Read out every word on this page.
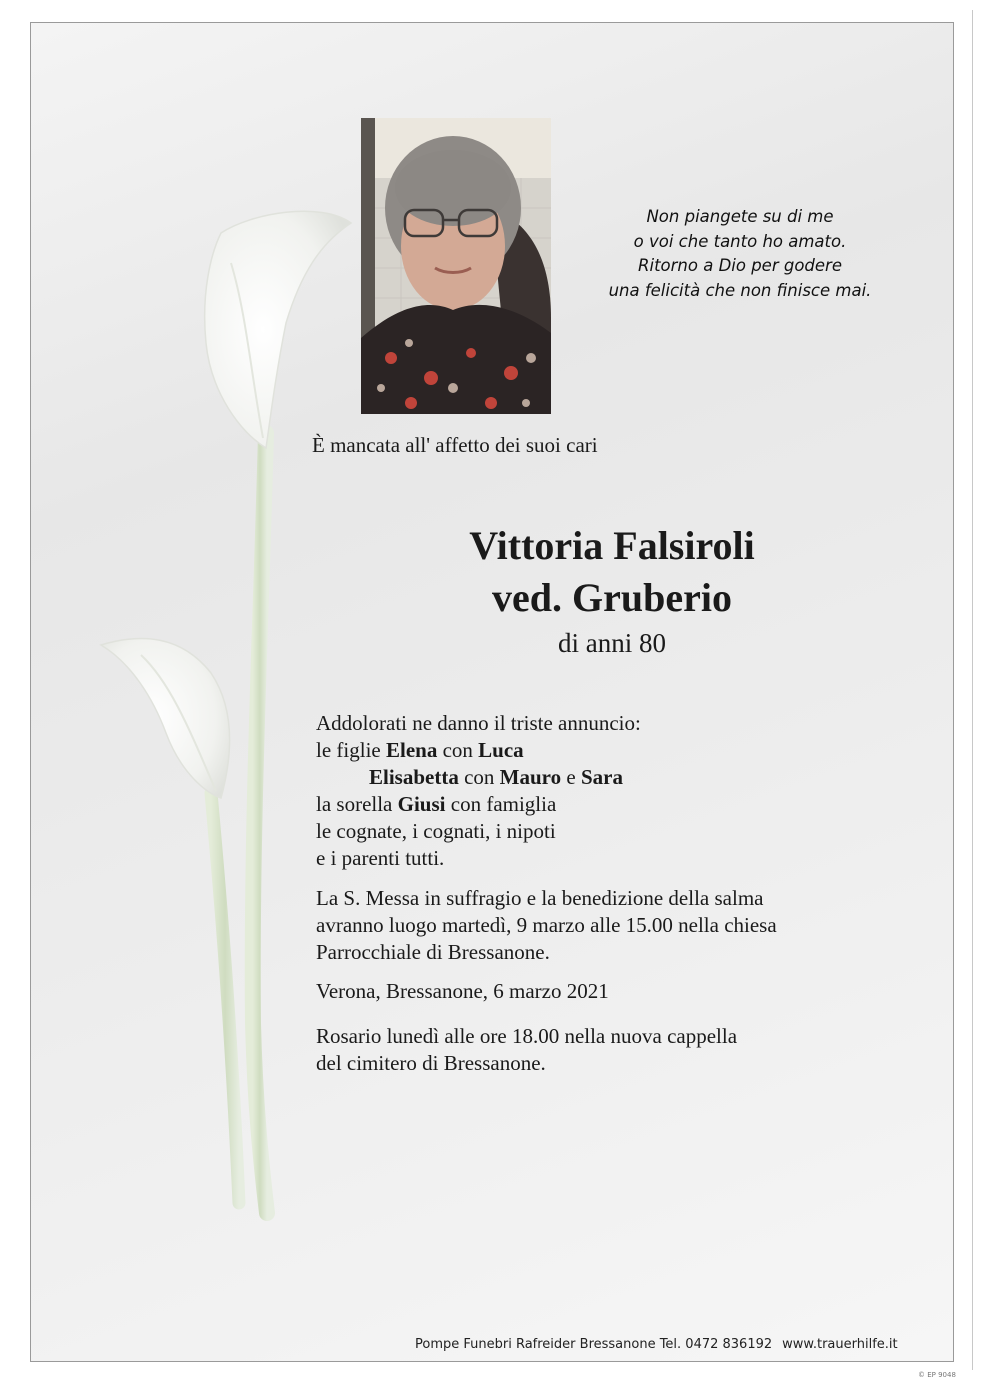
Non piangete su di me
o voi che tanto ho amato.
Ritorno a Dio per godere
una felicità che non finisce mai.
È mancata all' affetto dei suoi cari
Vittoria Falsiroli
ved. Gruberio
di anni 80
Addolorati ne danno il triste annuncio:
le figlie Elena con Luca
Elisabetta con Mauro e Sara
la sorella Giusi con famiglia
le cognate, i cognati, i nipoti
e i parenti tutti.
La S. Messa in suffragio e la benedizione della salma
avranno luogo martedì, 9 marzo alle 15.00 nella chiesa
Parrocchiale di Bressanone.
Verona, Bressanone, 6 marzo 2021
Rosario lunedì alle ore 18.00 nella nuova cappella
del cimitero di Bressanone.
Pompe Funebri Rafreider Bressanone Tel. 0472 836192 www.trauerhilfe.it
© EP 9048
